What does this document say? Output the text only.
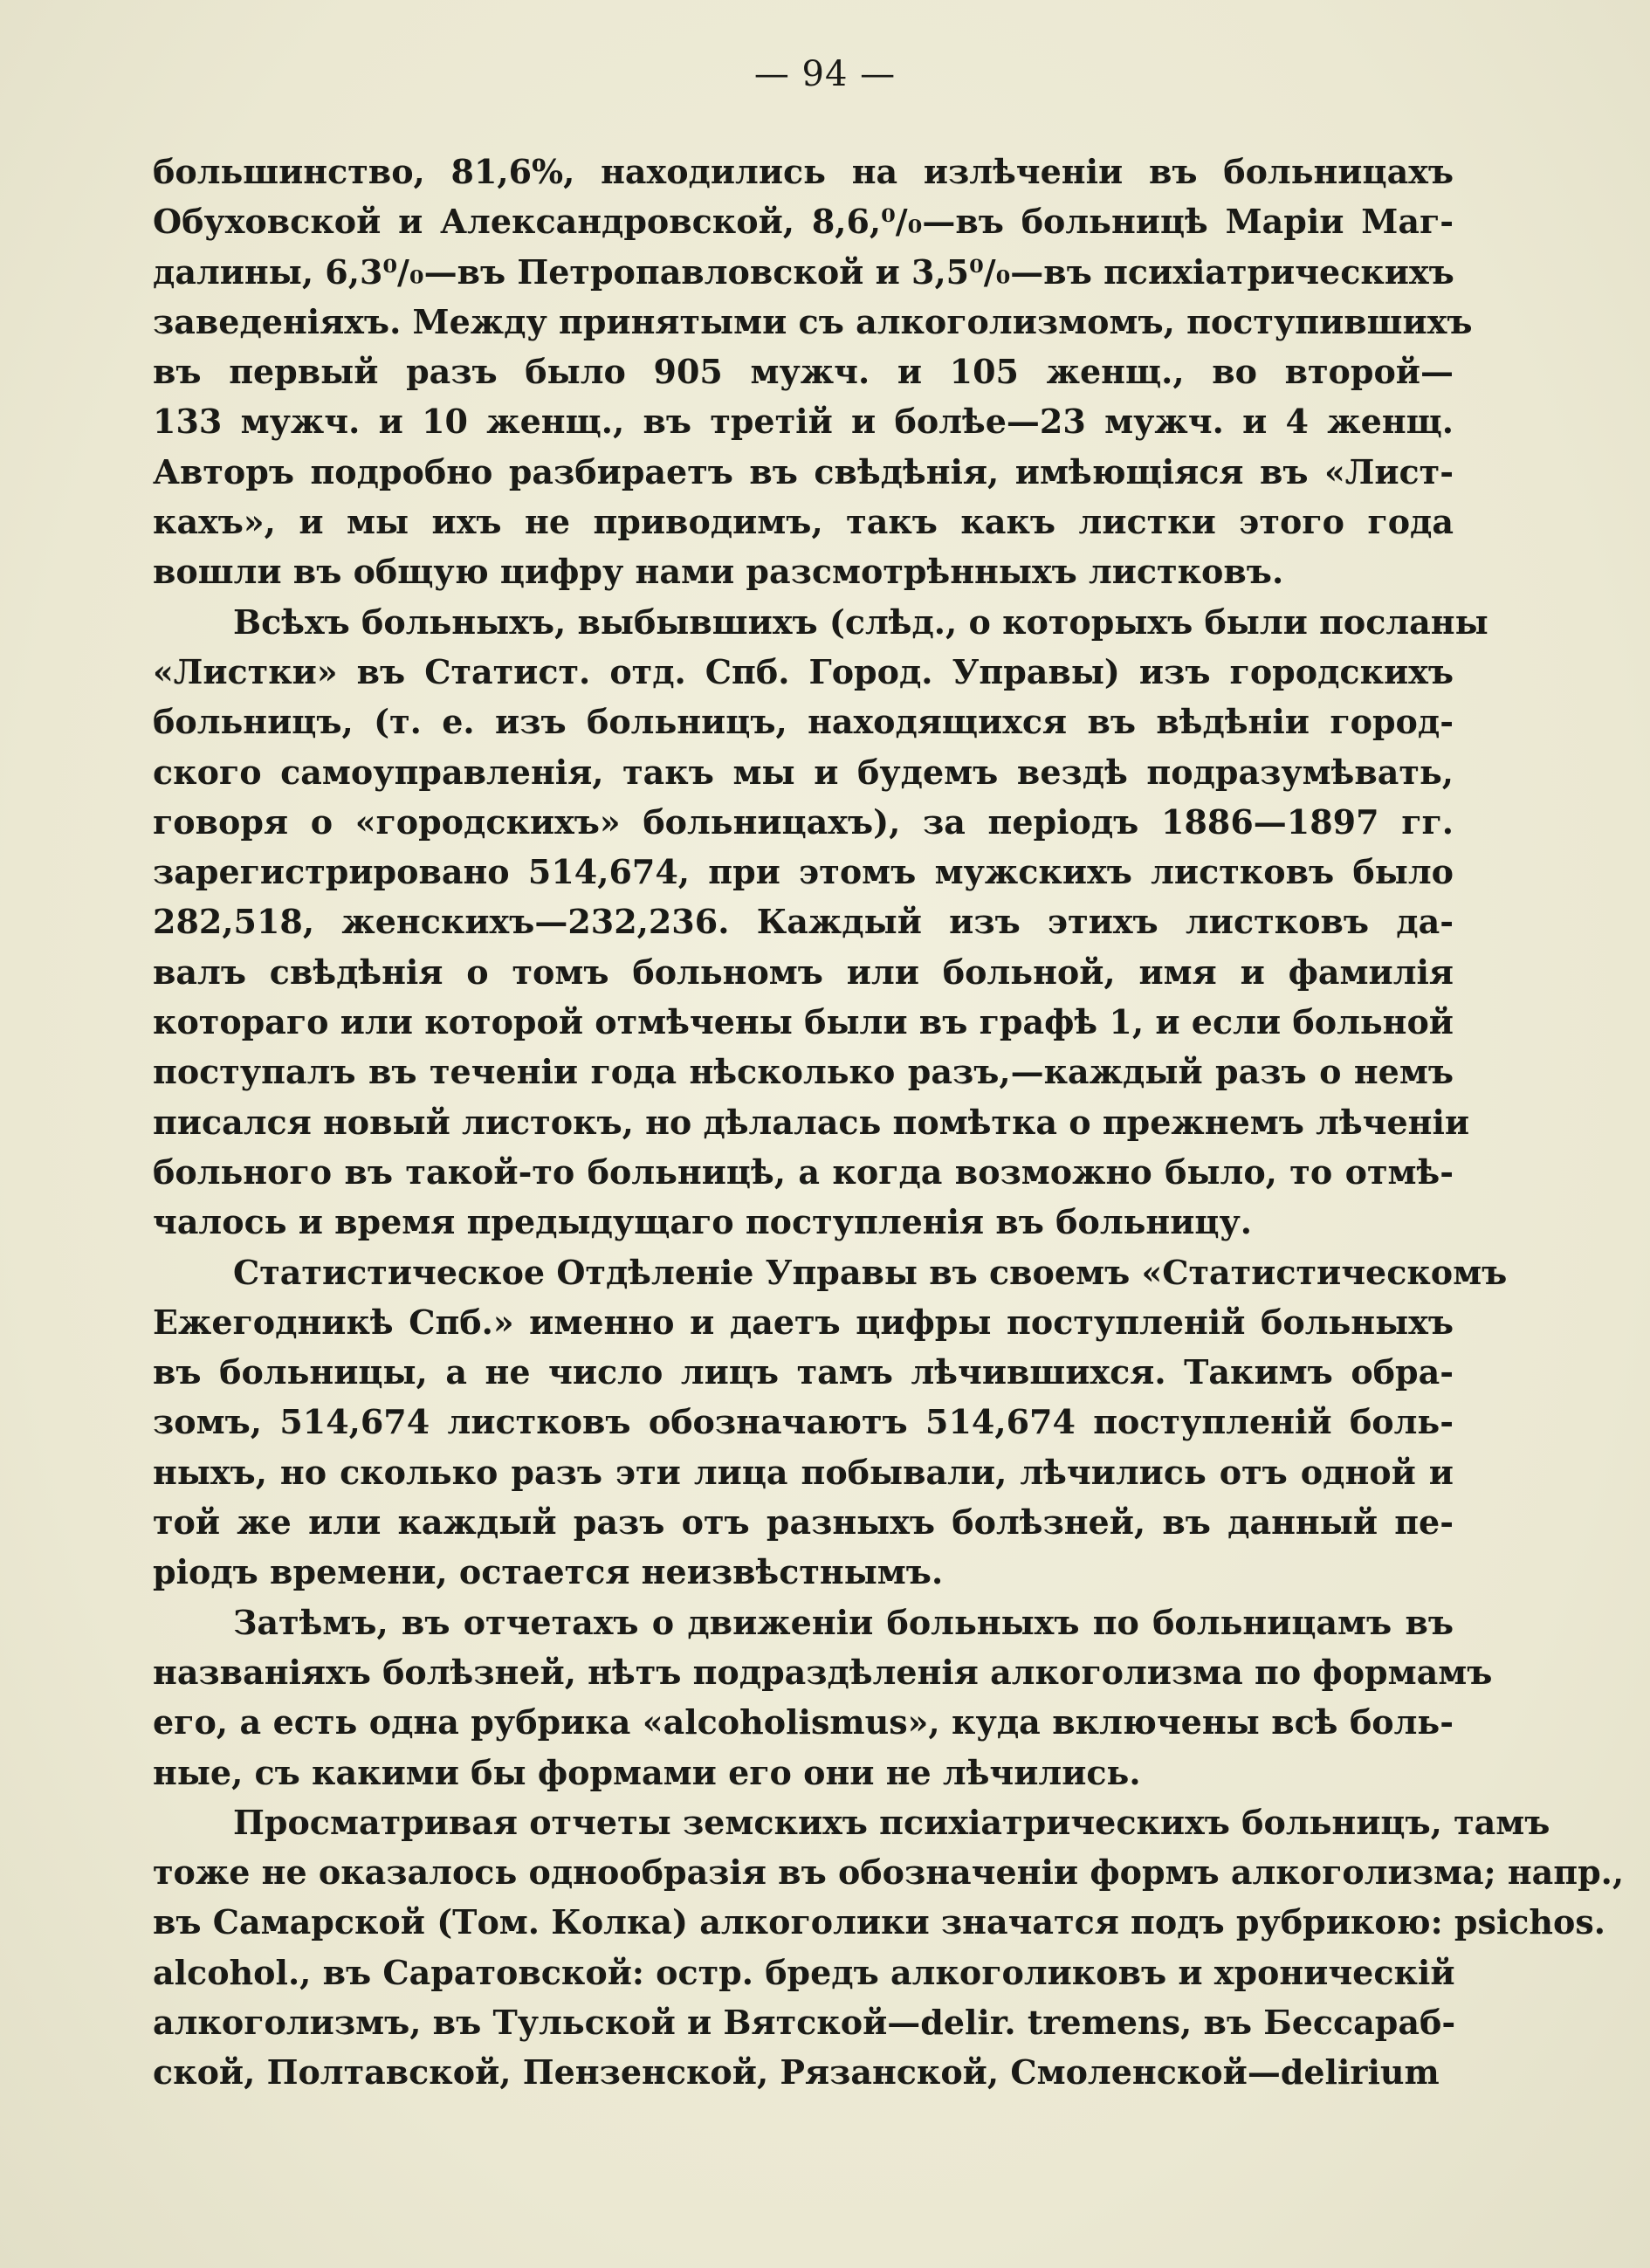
— 94 —
большинство, 81,6%, находились на излѣченіи въ больницахъ
Обуховской и Александровской, 8,6,⁰/₀—въ больницѣ Маріи Маг-
далины, 6,3⁰/₀—въ Петропавловской и 3,5⁰/₀—въ психіатрическихъ
заведеніяхъ. Между принятыми съ алкоголизмомъ, поступившихъ
въ первый разъ было 905 мужч. и 105 женщ., во второй—
133 мужч. и 10 женщ., въ третій и болѣе—23 мужч. и 4 женщ.
Авторъ подробно разбираетъ въ свѣдѣнія, имѣющіяся въ «Лист-
кахъ», и мы ихъ не приводимъ, такъ какъ листки этого года
вошли въ общую цифру нами разсмотрѣнныхъ листковъ.
Всѣхъ больныхъ, выбывшихъ (слѣд., о которыхъ были посланы
«Листки» въ Статист. отд. Спб. Город. Управы) изъ городскихъ
больницъ, (т. е. изъ больницъ, находящихся въ вѣдѣніи город-
ского самоуправленія, такъ мы и будемъ вездѣ подразумѣвать,
говоря о «городскихъ» больницахъ), за періодъ 1886—1897 гг.
зарегистрировано 514,674, при этомъ мужскихъ листковъ было
282,518, женскихъ—232,236. Каждый изъ этихъ листковъ да-
валъ свѣдѣнія о томъ больномъ или больной, имя и фамилія
котораго или которой отмѣчены были въ графѣ 1, и если больной
поступалъ въ теченіи года нѣсколько разъ,—каждый разъ о немъ
писался новый листокъ, но дѣлалась помѣтка о прежнемъ лѣченіи
больного въ такой-то больницѣ, а когда возможно было, то отмѣ-
чалось и время предыдущаго поступленія въ больницу.
Статистическое Отдѣленіе Управы въ своемъ «Статистическомъ
Ежегодникѣ Спб.» именно и даетъ цифры поступленій больныхъ
въ больницы, а не число лицъ тамъ лѣчившихся. Такимъ обра-
зомъ, 514,674 листковъ обозначаютъ 514,674 поступленій боль-
ныхъ, но сколько разъ эти лица побывали, лѣчились отъ одной и
той же или каждый разъ отъ разныхъ болѣзней, въ данный пе-
ріодъ времени, остается неизвѣстнымъ.
Затѣмъ, въ отчетахъ о движеніи больныхъ по больницамъ въ
названіяхъ болѣзней, нѣтъ подраздѣленія алкоголизма по формамъ
его, а есть одна рубрика «alcoholismus», куда включены всѣ боль-
ные, съ какими бы формами его они не лѣчились.
Просматривая отчеты земскихъ психіатрическихъ больницъ, тамъ
тоже не оказалось однообразія въ обозначеніи формъ алкоголизма; напр.,
въ Самарской (Том. Колка) алкоголики значатся подъ рубрикою: psichos.
alcohol., въ Саратовской: остр. бредъ алкоголиковъ и хроническій
алкоголизмъ, въ Тульской и Вятской—delir. tremens, въ Бессараб-
ской, Полтавской, Пензенской, Рязанской, Смоленской—delirium
